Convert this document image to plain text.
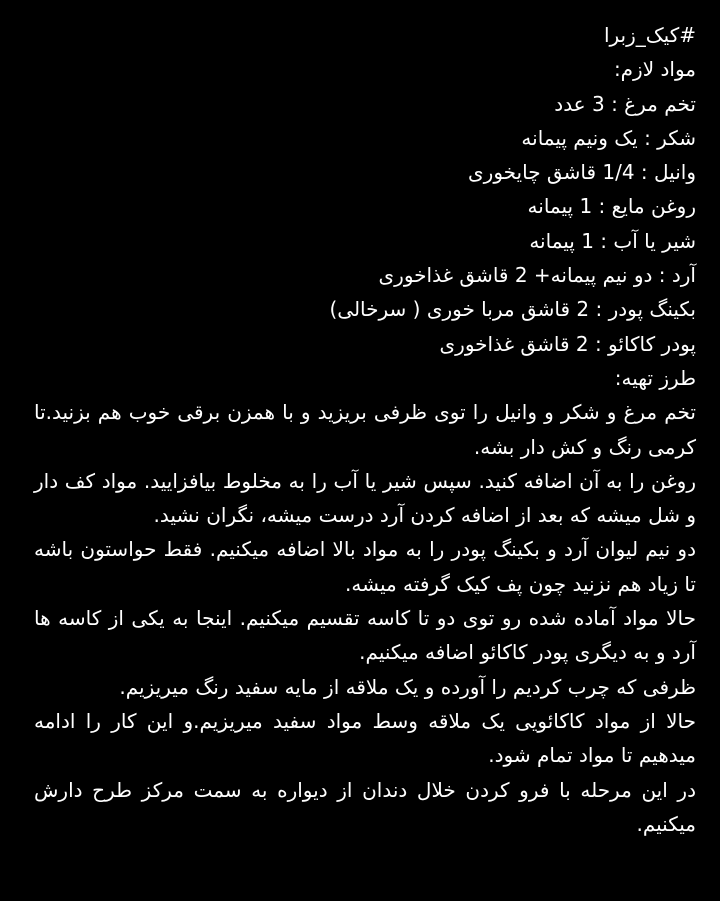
#کیک_زبرا
مواد لازم:
تخم مرغ : 3 عدد
شکر : یک ونیم پیمانه
وانیل : 1/4 قاشق چایخوری
روغن مایع : 1 پیمانه
شیر یا آب : 1 پیمانه
آرد : دو نیم پیمانه+ 2 قاشق غذاخوری
بکینگ پودر : 2 قاشق مربا خوری ( سرخالی)
پودر کاکائو : 2 قاشق غذاخوری
طرز تهیه:
تخم مرغ و شکر و وانیل را توی ظرفی بریزید و با همزن برقی خوب هم بزنید.تا کرمی رنگ و کش دار بشه.
روغن را به آن اضافه کنید. سپس شیر یا آب را به مخلوط بیافزایید. مواد کف دار و شل میشه که بعد از اضافه کردن آرد درست میشه، نگران نشید.
دو نیم لیوان آرد و بکینگ پودر را به مواد بالا اضافه میکنیم. فقط حواستون باشه تا زیاد هم نزنید چون پف کیک گرفته میشه.
حالا مواد آماده شده رو توی دو تا کاسه تقسیم میکنیم. اینجا به یکی از کاسه ها آرد و به دیگری پودر کاکائو اضافه میکنیم.
ظرفی که چرب کردیم را آورده و یک ملاقه از مایه سفید رنگ میریزیم.
حالا از مواد کاکائویی یک ملاقه وسط مواد سفید میریزیم.و این کار را ادامه میدهیم تا مواد تمام شود.
در این مرحله با فرو کردن خلال دندان از دیواره به سمت مرکز طرح دارش میکنیم.
